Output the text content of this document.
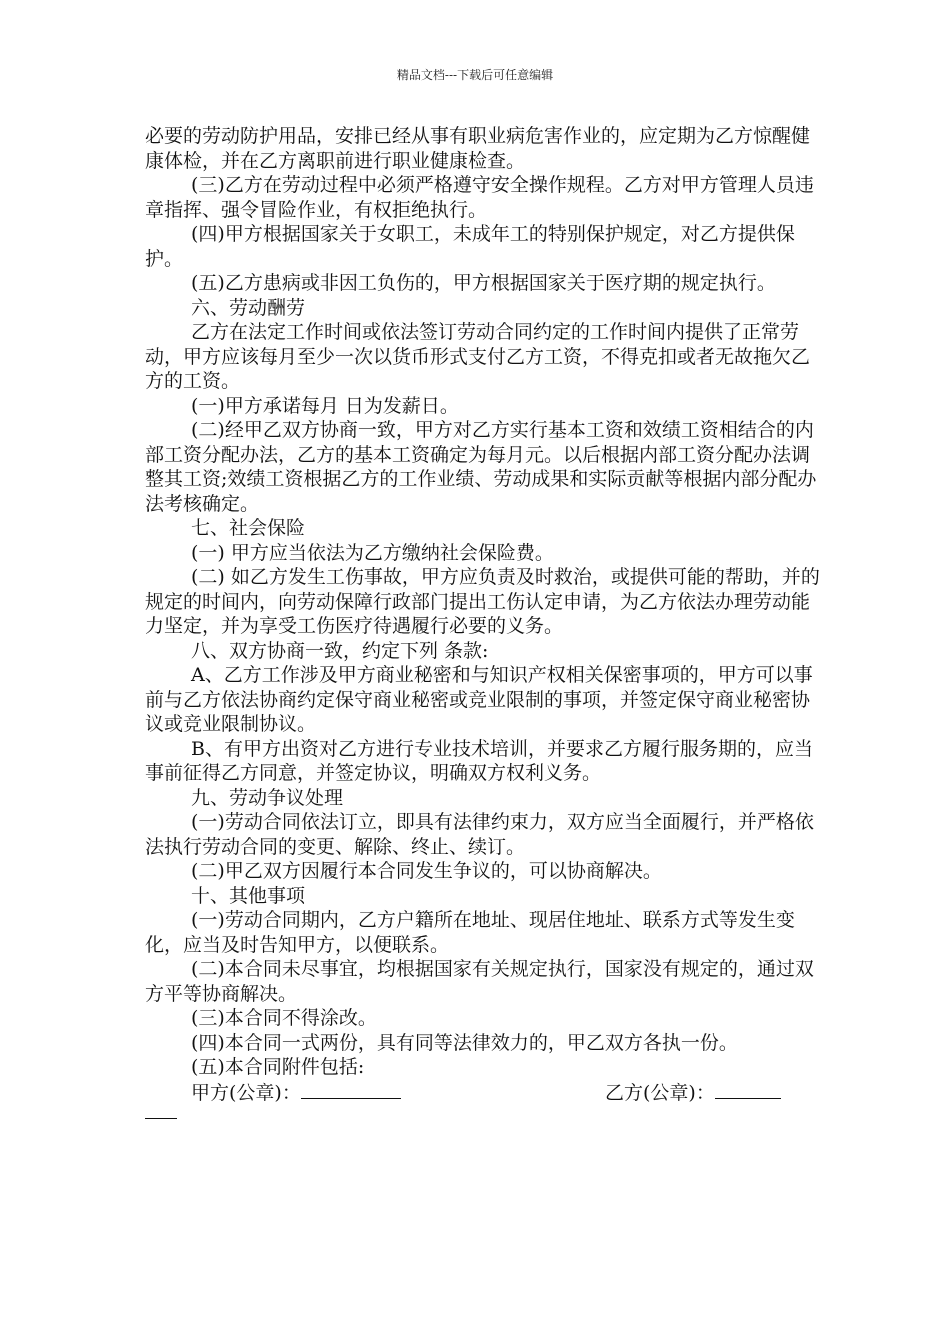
精品文档---下载后可任意编辑

必要的劳动防护用品，安排已经从事有职业病危害作业的，应定期为乙方惊醒健康体检，并在乙方离职前进行职业健康检查。

(三)乙方在劳动过程中必须严格遵守安全操作规程。乙方对甲方管理人员违章指挥、强令冒险作业，有权拒绝执行。

(四)甲方根据国家关于女职工，未成年工的特别保护规定，对乙方提供保护。

(五)乙方患病或非因工负伤的，甲方根据国家关于医疗期的规定执行。

六、劳动酬劳

乙方在法定工作时间或依法签订劳动合同约定的工作时间内提供了正常劳动，甲方应该每月至少一次以货币形式支付乙方工资，不得克扣或者无故拖欠乙方的工资。

(一)甲方承诺每月 日为发薪日。

(二)经甲乙双方协商一致，甲方对乙方实行基本工资和效绩工资相结合的内部工资分配办法，乙方的基本工资确定为每月元。以后根据内部工资分配办法调整其工资;效绩工资根据乙方的工作业绩、劳动成果和实际贡献等根据内部分配办法考核确定。

七、社会保险

(一) 甲方应当依法为乙方缴纳社会保险费。

(二) 如乙方发生工伤事故，甲方应负责及时救治，或提供可能的帮助，并的规定的时间内，向劳动保障行政部门提出工伤认定申请，为乙方依法办理劳动能力坚定，并为享受工伤医疗待遇履行必要的义务。

八、双方协商一致，约定下列 条款:

A、乙方工作涉及甲方商业秘密和与知识产权相关保密事项的，甲方可以事前与乙方依法协商约定保守商业秘密或竞业限制的事项，并签定保守商业秘密协议或竞业限制协议。

B、有甲方出资对乙方进行专业技术培训，并要求乙方履行服务期的，应当事前征得乙方同意，并签定协议，明确双方权利义务。

九、劳动争议处理

(一)劳动合同依法订立，即具有法律约束力，双方应当全面履行，并严格依法执行劳动合同的变更、解除、终止、续订。

(二)甲乙双方因履行本合同发生争议的，可以协商解决。

十、其他事项

(一)劳动合同期内，乙方户籍所在地址、现居住地址、联系方式等发生变化，应当及时告知甲方，以便联系。

(二)本合同未尽事宜，均根据国家有关规定执行，国家没有规定的，通过双方平等协商解决。

(三)本合同不得涂改。

(四)本合同一式两份，具有同等法律效力的，甲乙双方各执一份。

(五)本合同附件包括:

甲方(公章)：	乙方(公章)：
